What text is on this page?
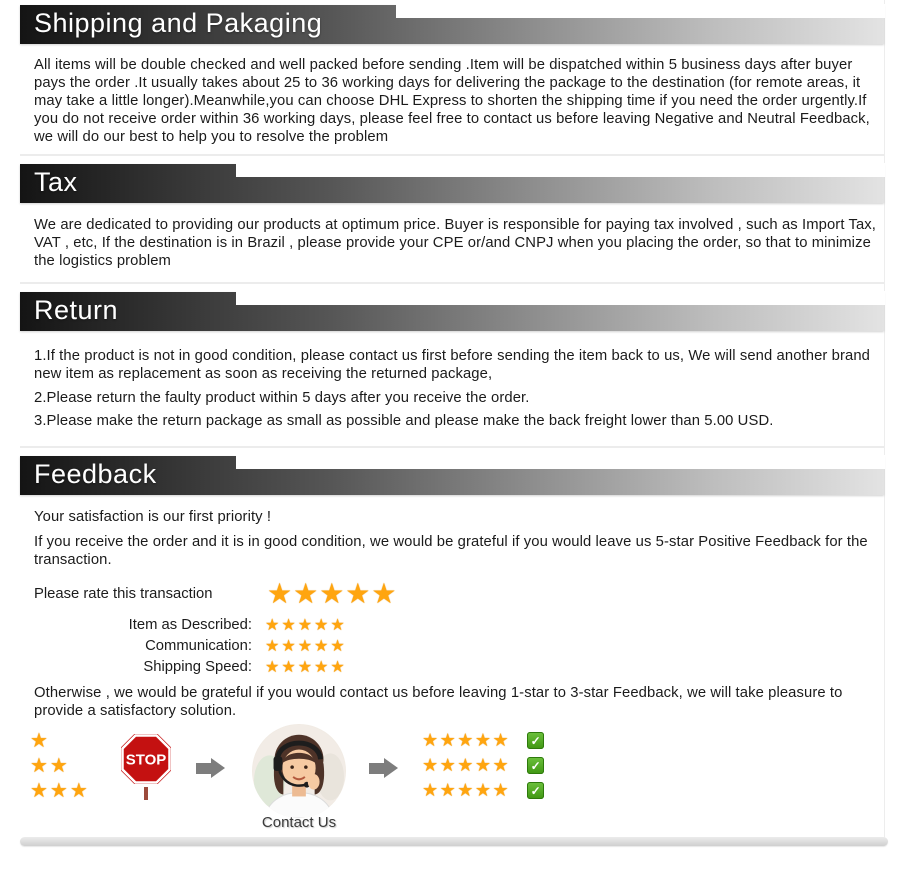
Shipping and Pakaging

All items will be double checked and well packed before sending .Item will be dispatched within 5 business days after buyer pays the order .It usually takes about 25 to 36 working days for delivering the package to the destination (for remote areas, it may take a little longer).Meanwhile,you can choose DHL Express to shorten the shipping time if you need the order urgently.If you do not receive order within 36 working days, please feel free to contact us before leaving Negative and Neutral Feedback, we will do our best to help you to resolve the problem

Tax

We are dedicated to providing our products at optimum price. Buyer is responsible for paying tax involved , such as Import Tax, VAT , etc, If the destination is in Brazil , please provide your CPE or/and CNPJ when you placing the order, so that to minimize the logistics problem

Return

1.If the product is not in good condition, please contact us first before sending the item back to us, We will send another brand new item as replacement as soon as receiving the returned package,

2.Please return the faulty product within 5 days after you receive the order.

3.Please make the return package as small as possible and please make the back freight lower than 5.00 USD.

Feedback

Your satisfaction is our first priority !

If you receive the order and it is in good condition, we would be grateful if you would leave us 5-star Positive Feedback for the transaction.

Please rate this transaction	★★★★★
Item as Described: ★★★★★
Communication: ★★★★★
Shipping Speed: ★★★★★

Otherwise , we would be grateful if you would contact us before leaving 1-star to 3-star Feedback, we will take pleasure to provide a satisfactory solution.

★
★★
★★★
STOP
Contact Us
★★★★★ ✓
★★★★★ ✓
★★★★★ ✓
